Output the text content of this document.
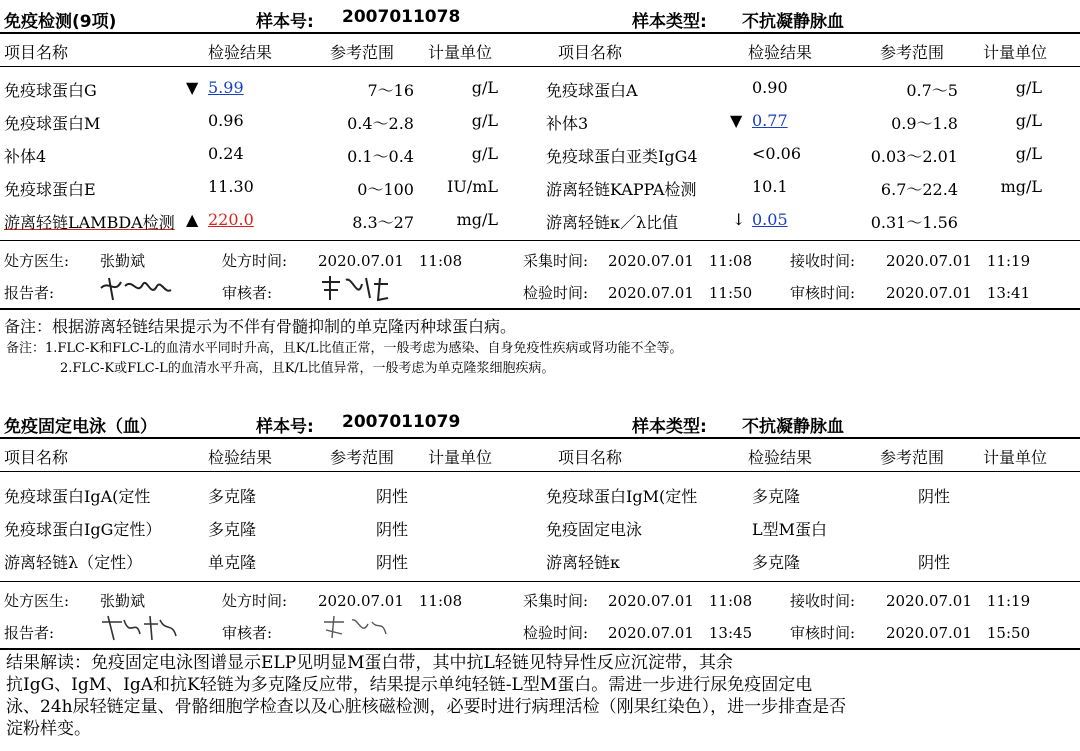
免疫检测(9项)	样本号: 2007011078	样本类型: 不抗凝静脉血
项目名称	检验结果	参考范围 计量单位	项目名称	检验结果	参考范围 计量单位
免疫球蛋白G	▼ 5.99	7～16	g/L
免疫球蛋白M	0.96	0.4～2.8	g/L
补体4	0.24	0.1～0.4	g/L
免疫球蛋白E	11.30	0～100	IU/mL
游离轻链LAMBDA检测 ▲ 220.0	8.3～27	mg/L
免疫球蛋白A	0.90	0.7～5	g/L
补体3	▼ 0.77	0.9～1.8	g/L
免疫球蛋白亚类IgG4	<0.06	0.03～2.01	g/L
游离轻链KAPPA检测	10.1	6.7～22.4	mg/L
游离轻链κ／λ比值	↓ 0.05	0.31～1.56
处方医生: 张勤斌	处方时间: 2020.07.01　11:08	采集时间: 2020.07.01　11:08	接收时间: 2020.07.01　11:19
报告者:	审核者:	检验时间: 2020.07.01　11:50	审核时间: 2020.07.01　13:41
备注：根据游离轻链结果提示为不伴有骨髓抑制的单克隆丙种球蛋白病。
备注：1.FLC-K和FLC-L的血清水平同时升高，且K/L比值正常，一般考虑为感染、自身免疫性疾病或肾功能不全等。
2.FLC-K或FLC-L的血清水平升高，且K/L比值异常，一般考虑为单克隆浆细胞疾病。
免疫固定电泳（血）	样本号: 2007011079	样本类型: 不抗凝静脉血
项目名称	检验结果	参考范围 计量单位	项目名称	检验结果	参考范围 计量单位
免疫球蛋白IgA(定性	多克隆	阴性
免疫球蛋白IgG定性）	多克隆	阴性
游离轻链λ（定性）	单克隆	阴性
免疫球蛋白IgM(定性	多克隆	阴性
免疫固定电泳	L型M蛋白
游离轻链κ	多克隆	阴性
处方医生: 张勤斌	处方时间: 2020.07.01　11:08	采集时间: 2020.07.01　11:08	接收时间: 2020.07.01　11:19
报告者:	审核者:	检验时间: 2020.07.01　13:45	审核时间: 2020.07.01　15:50
结果解读：免疫固定电泳图谱显示ELP见明显M蛋白带，其中抗L轻链见特异性反应沉淀带，其余
抗IgG、IgM、IgA和抗K轻链为多克隆反应带，结果提示单纯轻链-L型M蛋白。需进一步进行尿免疫固定电
泳、24h尿轻链定量、骨骼细胞学检查以及心脏核磁检测，必要时进行病理活检（刚果红染色），进一步排查是否
淀粉样变。
